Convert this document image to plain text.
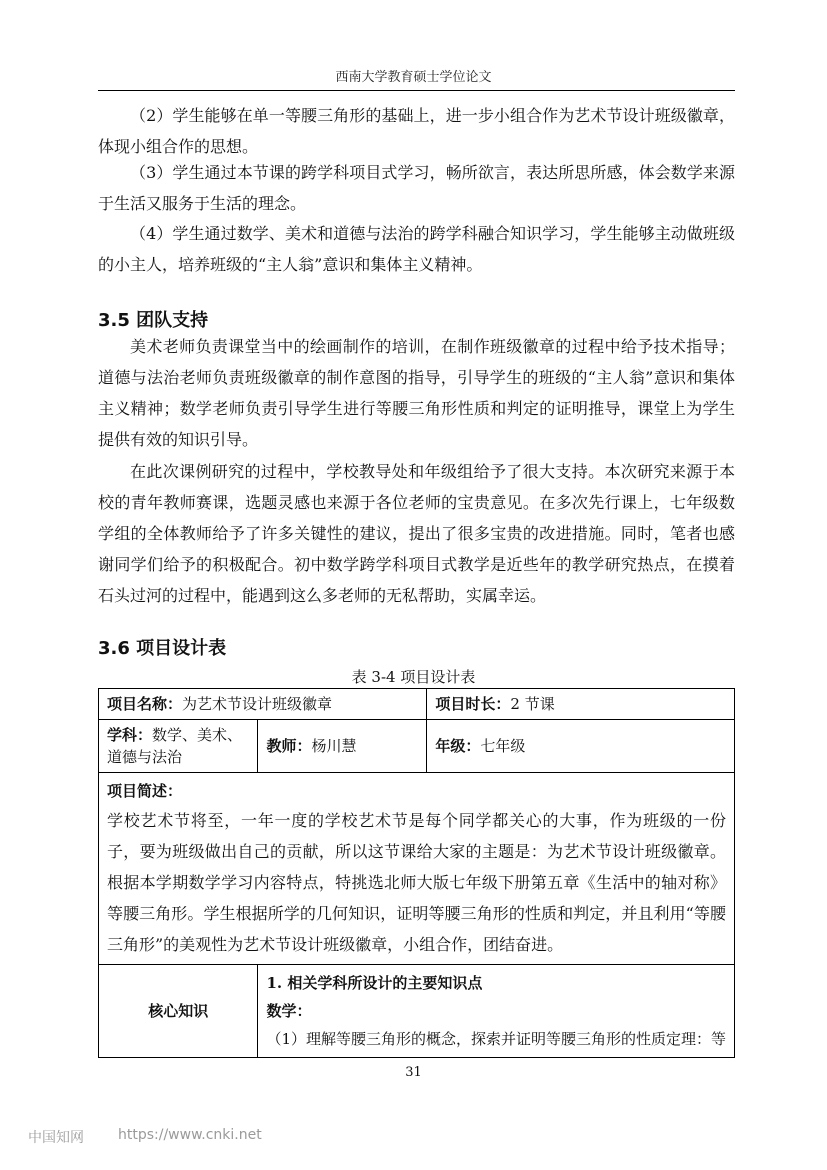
西南大学教育硕士学位论文

（2）学生能够在单一等腰三角形的基础上，进一步小组合作为艺术节设计班级徽章，体现小组合作的思想。

（3）学生通过本节课的跨学科项目式学习，畅所欲言，表达所思所感，体会数学来源于生活又服务于生活的理念。

（4）学生通过数学、美术和道德与法治的跨学科融合知识学习，学生能够主动做班级的小主人，培养班级的“主人翁”意识和集体主义精神。

3.5 团队支持

美术老师负责课堂当中的绘画制作的培训，在制作班级徽章的过程中给予技术指导；道德与法治老师负责班级徽章的制作意图的指导，引导学生的班级的“主人翁”意识和集体主义精神；数学老师负责引导学生进行等腰三角形性质和判定的证明推导，课堂上为学生提供有效的知识引导。

在此次课例研究的过程中，学校教导处和年级组给予了很大支持。本次研究来源于本校的青年教师赛课，选题灵感也来源于各位老师的宝贵意见。在多次先行课上，七年级数学组的全体教师给予了许多关键性的建议，提出了很多宝贵的改进措施。同时，笔者也感谢同学们给予的积极配合。初中数学跨学科项目式教学是近些年的教学研究热点，在摸着石头过河的过程中，能遇到这么多老师的无私帮助，实属幸运。

3.6 项目设计表
表 3-4 项目设计表
项目名称：为艺术节设计班级徽章		项目时长：2 节课
学科：数学、美术、道德与法治	教师：杨川慧	年级：七年级

项目简述：
学校艺术节将至，一年一度的学校艺术节是每个同学都关心的大事，作为班级的一份子，要为班级做出自己的贡献，所以这节课给大家的主题是：为艺术节设计班级徽章。根据本学期数学学习内容特点，特挑选北师大版七年级下册第五章《生活中的轴对称》等腰三角形。学生根据所学的几何知识，证明等腰三角形的性质和判定，并且利用“等腰三角形”的美观性为艺术节设计班级徽章，小组合作，团结奋进。		

核心知识	1. 相关学科所设计的主要知识点
数学：
（1）理解等腰三角形的概念，探索并证明等腰三角形的性质定理：等	
31
中国知网 https://www.cnki.net
